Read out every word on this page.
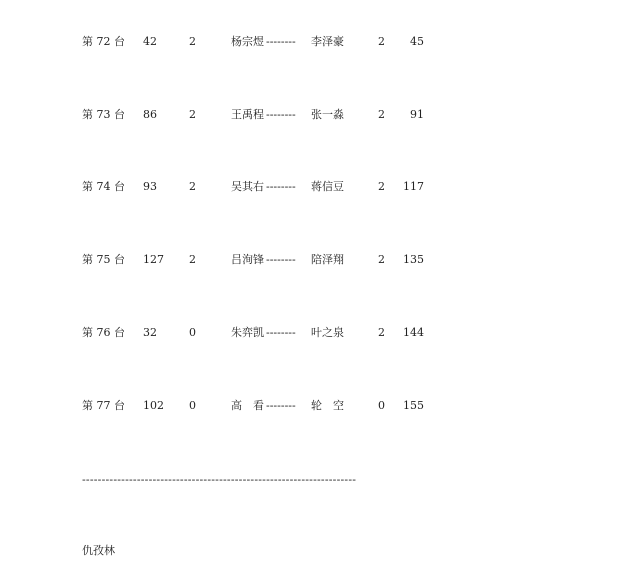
第 72 台 42	2	杨宗煜 -------- 李泽豪	2	45
第 73 台 86	2	王禹程 -------- 张一淼	2	91
第 74 台 93	2	吴其右 -------- 蒋信豆	2	117
第 75 台 127 2	吕洵锋 -------- 陪泽翔	2	135
第 76 台 32	0	朱弈凯 -------- 叶之泉	2	144
第 77 台 102 0	高　看 -------- 轮　空	0	155
----------------------------------------------------------------------
仇孜林
